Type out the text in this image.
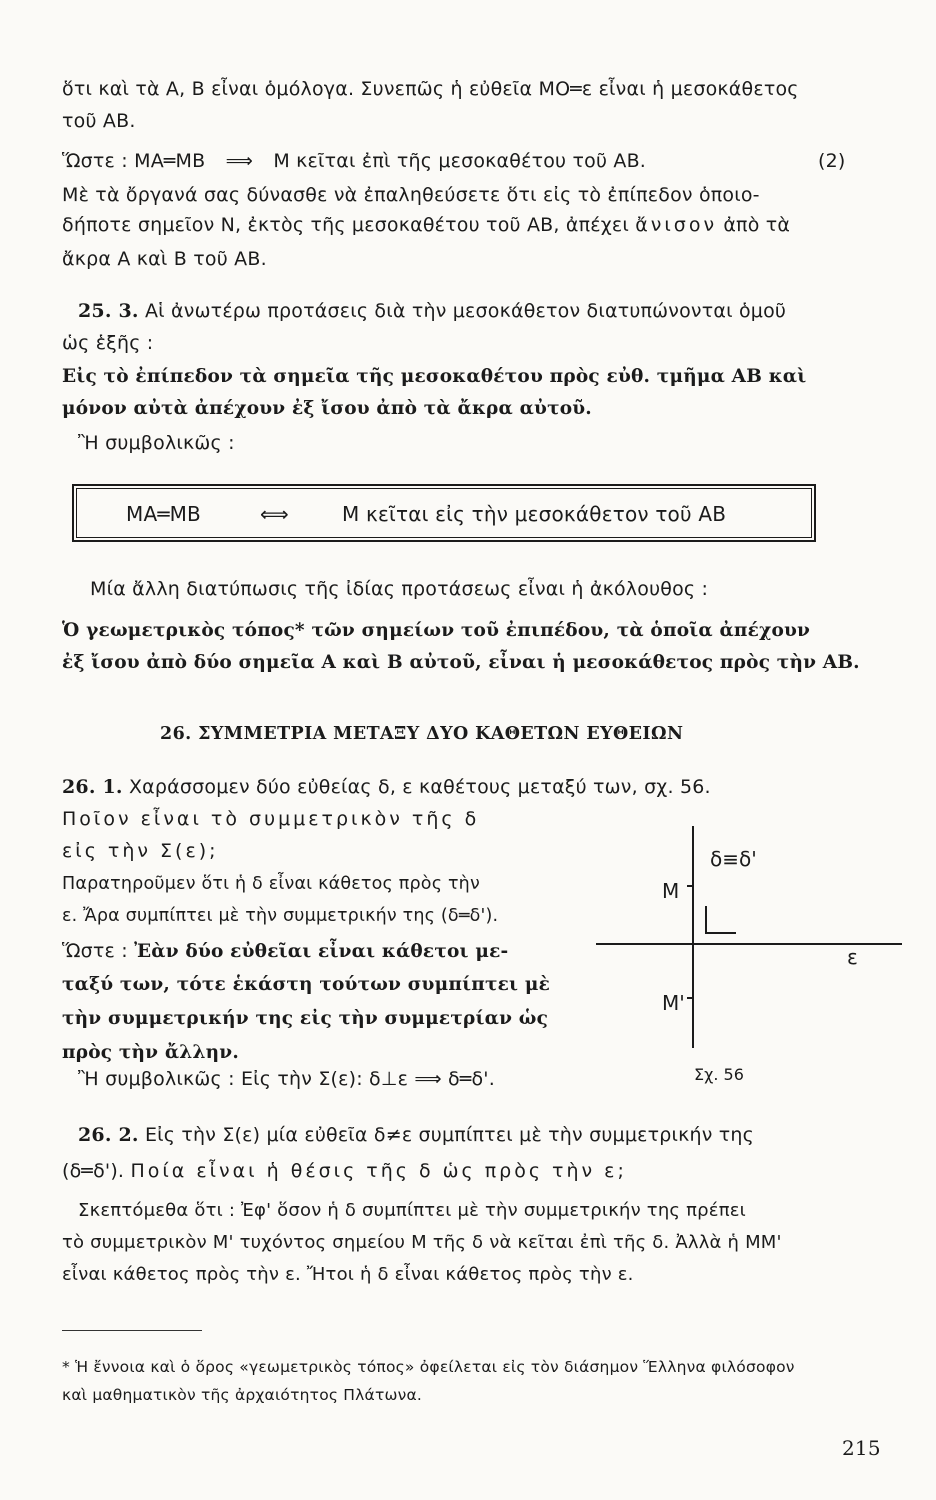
ὅτι καὶ τὰ Α, Β εἶναι ὁμόλογα. Συνεπῶς ἡ εὐθεῖα ΜΟ═ε εἶναι ἡ μεσοκάθετος
τοῦ ΑΒ.
Ὥστε : ΜΑ═ΜΒ ⟹ Μ κεῖται ἐπὶ τῆς μεσοκαθέτου τοῦ ΑΒ.	(2)
Μὲ τὰ ὄργανά σας δύνασθε νὰ ἐπαληθεύσετε ὅτι εἰς τὸ ἐπίπεδον ὁποιο-
δήποτε σημεῖον Ν, ἐκτὸς τῆς μεσοκαθέτου τοῦ ΑΒ, ἀπέχει ἄνισον ἀπὸ τὰ
ἄκρα Α καὶ Β τοῦ ΑΒ.
25. 3. Αἱ ἀνωτέρω προτάσεις διὰ τὴν μεσοκάθετον διατυπώνονται ὁμοῦ
ὡς ἑξῆς :
Εἰς τὸ ἐπίπεδον τὰ σημεῖα τῆς μεσοκαθέτου πρὸς εὐθ. τμῆμα ΑΒ καὶ
μόνον αὐτὰ ἀπέχουν ἐξ ἴσου ἀπὸ τὰ ἄκρα αὐτοῦ.
Ἢ συμβολικῶς :
ΜΑ═ΜΒ	⟺	Μ κεῖται εἰς τὴν μεσοκάθετον τοῦ ΑΒ
Μία ἄλλη διατύπωσις τῆς ἰδίας προτάσεως εἶναι ἡ ἀκόλουθος :
Ὁ γεωμετρικὸς τόπος* τῶν σημείων τοῦ ἐπιπέδου, τὰ ὁποῖα ἀπέχουν
ἐξ ἴσου ἀπὸ δύο σημεῖα Α καὶ Β αὐτοῦ, εἶναι ἡ μεσοκάθετος πρὸς τὴν ΑΒ.
26. ΣΥΜΜΕΤΡΙΑ ΜΕΤΑΞΥ ΔΥΟ ΚΑΘΕΤΩΝ ΕΥΘΕΙΩΝ
26. 1. Χαράσσομεν δύο εὐθείας δ, ε καθέτους μεταξύ των, σχ. 56.
Ποῖον εἶναι τὸ συμμετρικὸν τῆς δ
εἰς τὴν Σ(ε);
Παρατηροῦμεν ὅτι ἡ δ εἶναι κάθετος πρὸς τὴν
ε. Ἄρα συμπίπτει μὲ τὴν συμμετρικήν της (δ═δ').
Ὥστε : Ἐὰν δύο εὐθεῖαι εἶναι κάθετοι με-
ταξύ των, τότε ἑκάστη τούτων συμπίπτει μὲ
τὴν συμμετρικήν της εἰς τὴν συμμετρίαν ὡς
πρὸς τὴν ἄλλην.
Ἢ συμβολικῶς : Εἰς τὴν Σ(ε): δ⊥ε ⟹ δ═δ'.
δ≡δ'
Μ
Μ'
ε
Σχ. 56
26. 2. Εἰς τὴν Σ(ε) μία εὐθεῖα δ≠ε συμπίπτει μὲ τὴν συμμετρικήν της
(δ═δ'). Ποία εἶναι ἡ θέσις τῆς δ ὡς πρὸς τὴν ε;
Σκεπτόμεθα ὅτι : Ἐφ' ὅσον ἡ δ συμπίπτει μὲ τὴν συμμετρικήν της πρέπει
τὸ συμμετρικὸν Μ' τυχόντος σημείου Μ τῆς δ νὰ κεῖται ἐπὶ τῆς δ. Ἀλλὰ ἡ ΜΜ'
εἶναι κάθετος πρὸς τὴν ε. Ἤτοι ἡ δ εἶναι κάθετος πρὸς τὴν ε.
* Ἡ ἔννοια καὶ ὁ ὅρος «γεωμετρικὸς τόπος» ὀφείλεται εἰς τὸν διάσημον Ἕλληνα φιλόσοφον
καὶ μαθηματικὸν τῆς ἀρχαιότητος Πλάτωνα.
215
